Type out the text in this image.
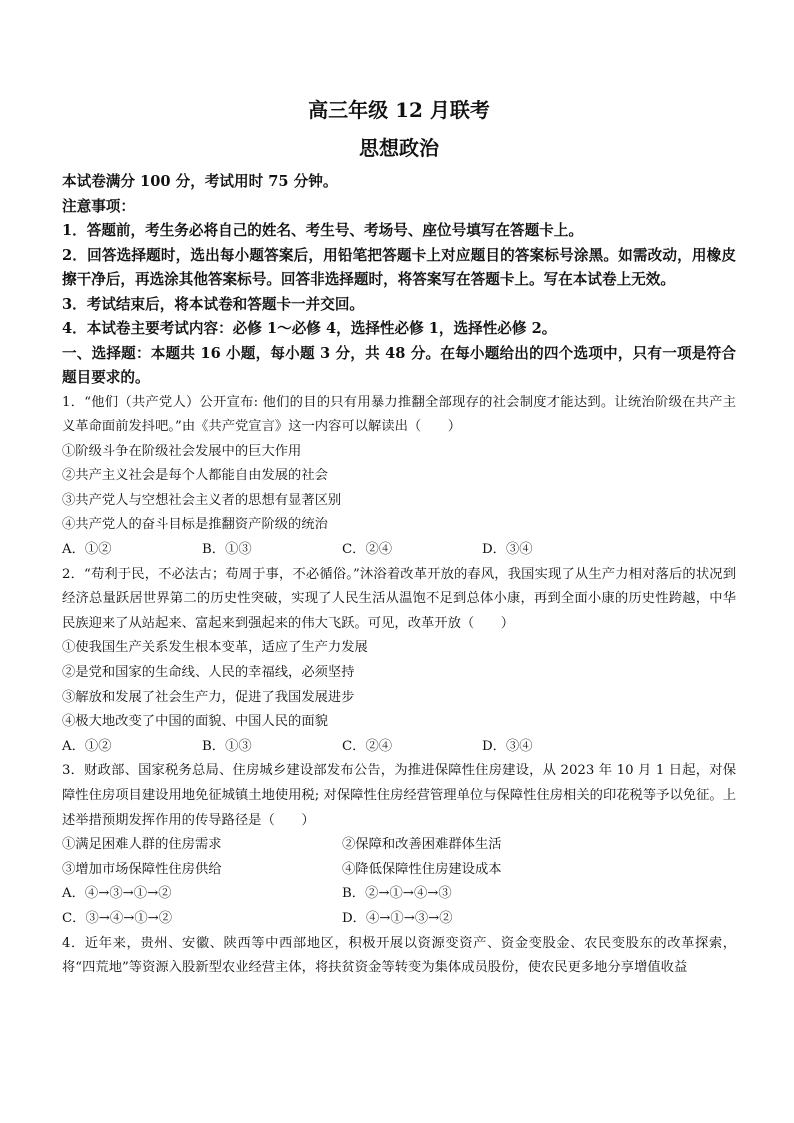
高三年级 12 月联考
思想政治

本试卷满分 100 分，考试用时 75 分钟。

注意事项：

1．答题前，考生务必将自己的姓名、考生号、考场号、座位号填写在答题卡上。

2．回答选择题时，选出每小题答案后，用铅笔把答题卡上对应题目的答案标号涂黑。如需改动，用橡皮擦干净后，再选涂其他答案标号。回答非选择题时，将答案写在答题卡上。写在本试卷上无效。

3．考试结束后，将本试卷和答题卡一并交回。

4．本试卷主要考试内容：必修 1～必修 4，选择性必修 1，选择性必修 2。

一、选择题：本题共 16 小题，每小题 3 分，共 48 分。在每小题给出的四个选项中，只有一项是符合题目要求的。

1．“他们（共产党人）公开宣布: 他们的目的只有用暴力推翻全部现存的社会制度才能达到。让统治阶级在共产主义革命面前发抖吧。”由《共产党宣言》这一内容可以解读出（　　）

①阶级斗争在阶级社会发展中的巨大作用

②共产主义社会是每个人都能自由发展的社会

③共产党人与空想社会主义者的思想有显著区别

④共产党人的奋斗目标是推翻资产阶级的统治

A．①②	B．①③	C．②④	D．③④

2．“苟利于民，不必法古；苟周于事，不必循俗。”沐浴着改革开放的春风，我国实现了从生产力相对落后的状况到经济总量跃居世界第二的历史性突破，实现了人民生活从温饱不足到总体小康，再到全面小康的历史性跨越，中华民族迎来了从站起来、富起来到强起来的伟大飞跃。可见，改革开放（　　）

①使我国生产关系发生根本变革，适应了生产力发展

②是党和国家的生命线、人民的幸福线，必须坚持

③解放和发展了社会生产力，促进了我国发展进步

④极大地改变了中国的面貌、中国人民的面貌

A．①②	B．①③	C．②④	D．③④

3．财政部、国家税务总局、住房城乡建设部发布公告，为推进保障性住房建设，从 2023 年 10 月 1 日起，对保障性住房项目建设用地免征城镇土地使用税; 对保障性住房经营管理单位与保障性住房相关的印花税等予以免征。上述举措预期发挥作用的传导路径是（　　）

①满足困难人群的住房需求	②保障和改善困难群体生活
③增加市场保障性住房供给	④降低保障性住房建设成本
A．④→③→①→②	B．②→①→④→③
C．③→④→①→②	D．④→①→③→②

4．近年来，贵州、安徽、陕西等中西部地区，积极开展以资源变资产、资金变股金、农民变股东的改革探索，将“四荒地”等资源入股新型农业经营主体，将扶贫资金等转变为集体成员股份，使农民更多地分享增值收益
